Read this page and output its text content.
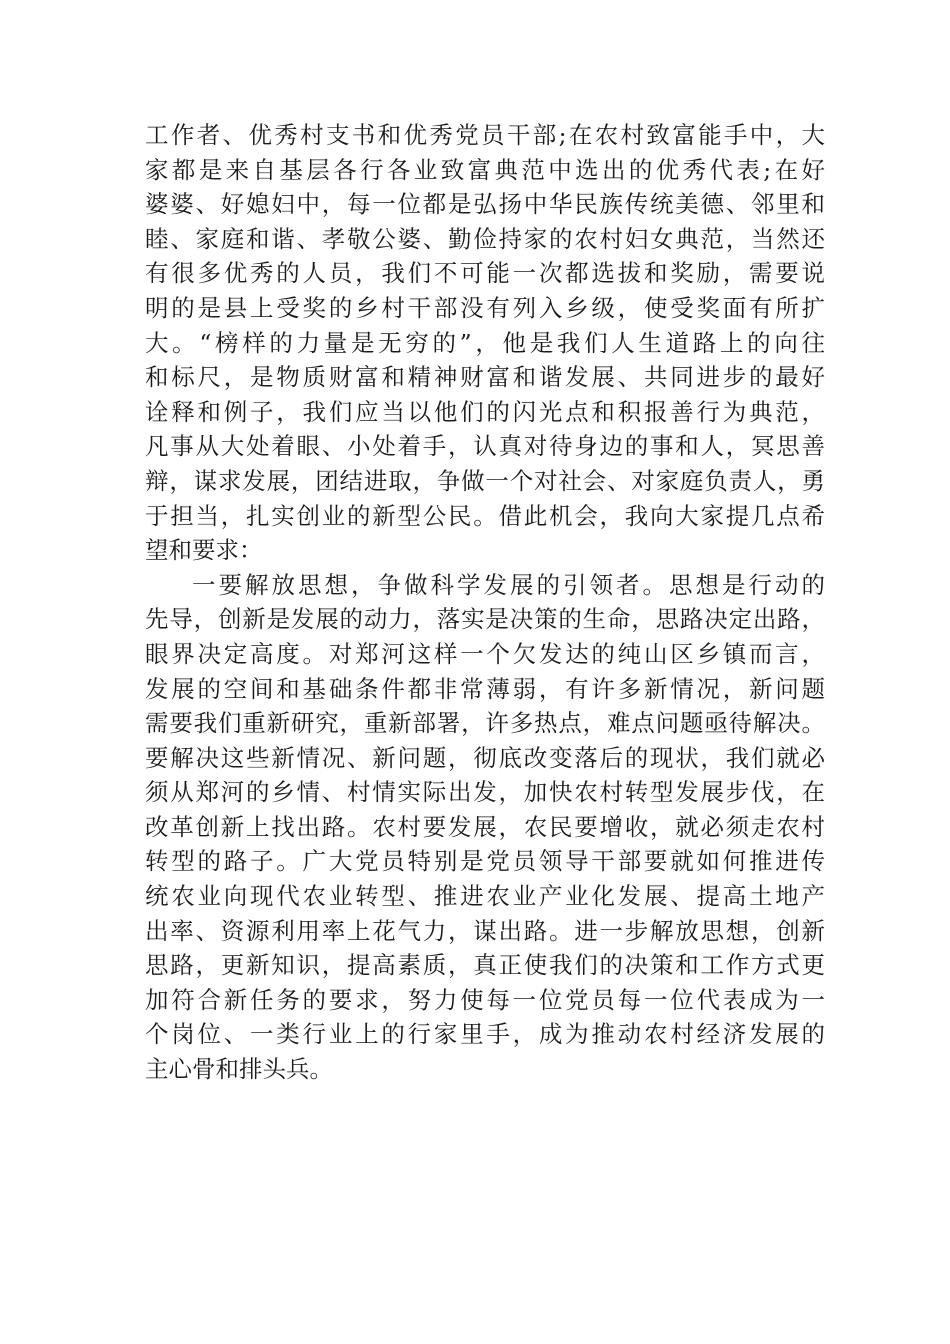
工作者、优秀村支书和优秀党员干部;在农村致富能手中，大
家都是来自基层各行各业致富典范中选出的优秀代表;在好
婆婆、好媳妇中，每一位都是弘扬中华民族传统美德、邻里和
睦、家庭和谐、孝敬公婆、勤俭持家的农村妇女典范，当然还
有很多优秀的人员，我们不可能一次都选拔和奖励，需要说
明的是县上受奖的乡村干部没有列入乡级，使受奖面有所扩
大。“榜样的力量是无穷的”，他是我们人生道路上的向往
和标尺，是物质财富和精神财富和谐发展、共同进步的最好
诠释和例子，我们应当以他们的闪光点和积报善行为典范，
凡事从大处着眼、小处着手，认真对待身边的事和人，冥思善
辩，谋求发展，团结进取，争做一个对社会、对家庭负责人，勇
于担当，扎实创业的新型公民。借此机会，我向大家提几点希
望和要求：
一要解放思想，争做科学发展的引领者。思想是行动的
先导，创新是发展的动力，落实是决策的生命，思路决定出路，
眼界决定高度。对郑河这样一个欠发达的纯山区乡镇而言，
发展的空间和基础条件都非常薄弱，有许多新情况，新问题
需要我们重新研究，重新部署，许多热点，难点问题亟待解决。
要解决这些新情况、新问题，彻底改变落后的现状，我们就必
须从郑河的乡情、村情实际出发，加快农村转型发展步伐，在
改革创新上找出路。农村要发展，农民要增收，就必须走农村
转型的路子。广大党员特别是党员领导干部要就如何推进传
统农业向现代农业转型、推进农业产业化发展、提高土地产
出率、资源利用率上花气力，谋出路。进一步解放思想，创新
思路，更新知识，提高素质，真正使我们的决策和工作方式更
加符合新任务的要求，努力使每一位党员每一位代表成为一
个岗位、一类行业上的行家里手，成为推动农村经济发展的
主心骨和排头兵。
